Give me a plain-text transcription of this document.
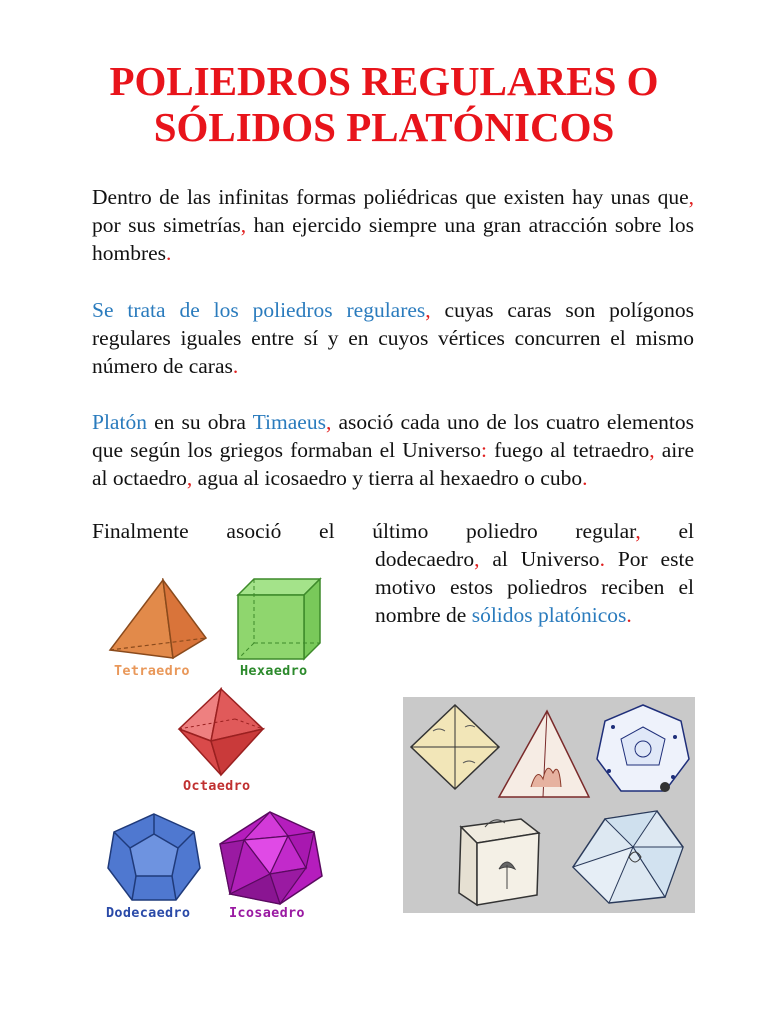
POLIEDROS REGULARES O
SÓLIDOS PLATÓNICOS

Dentro de las infinitas formas poliédricas que existen hay unas que, por sus simetrías, han ejercido siempre una gran atracción sobre los hombres.

Se trata de los poliedros regulares, cuyas caras son polígonos regulares iguales entre sí y en cuyos vértices concurren el mismo número de caras.

Platón en su obra Timaeus, asoció cada uno de los cuatro elementos que según los griegos formaban el Universo: fuego al tetraedro, aire al octaedro, agua al icosaedro y tierra al hexaedro o cubo.

Finalmente asoció el último poliedro regular, el

dodecaedro, al Universo. Por este motivo estos poliedros reciben el nombre de sólidos platónicos.

Tetraedro	Hexaedro
Octaedro
Dodecaedro	Icosaedro
